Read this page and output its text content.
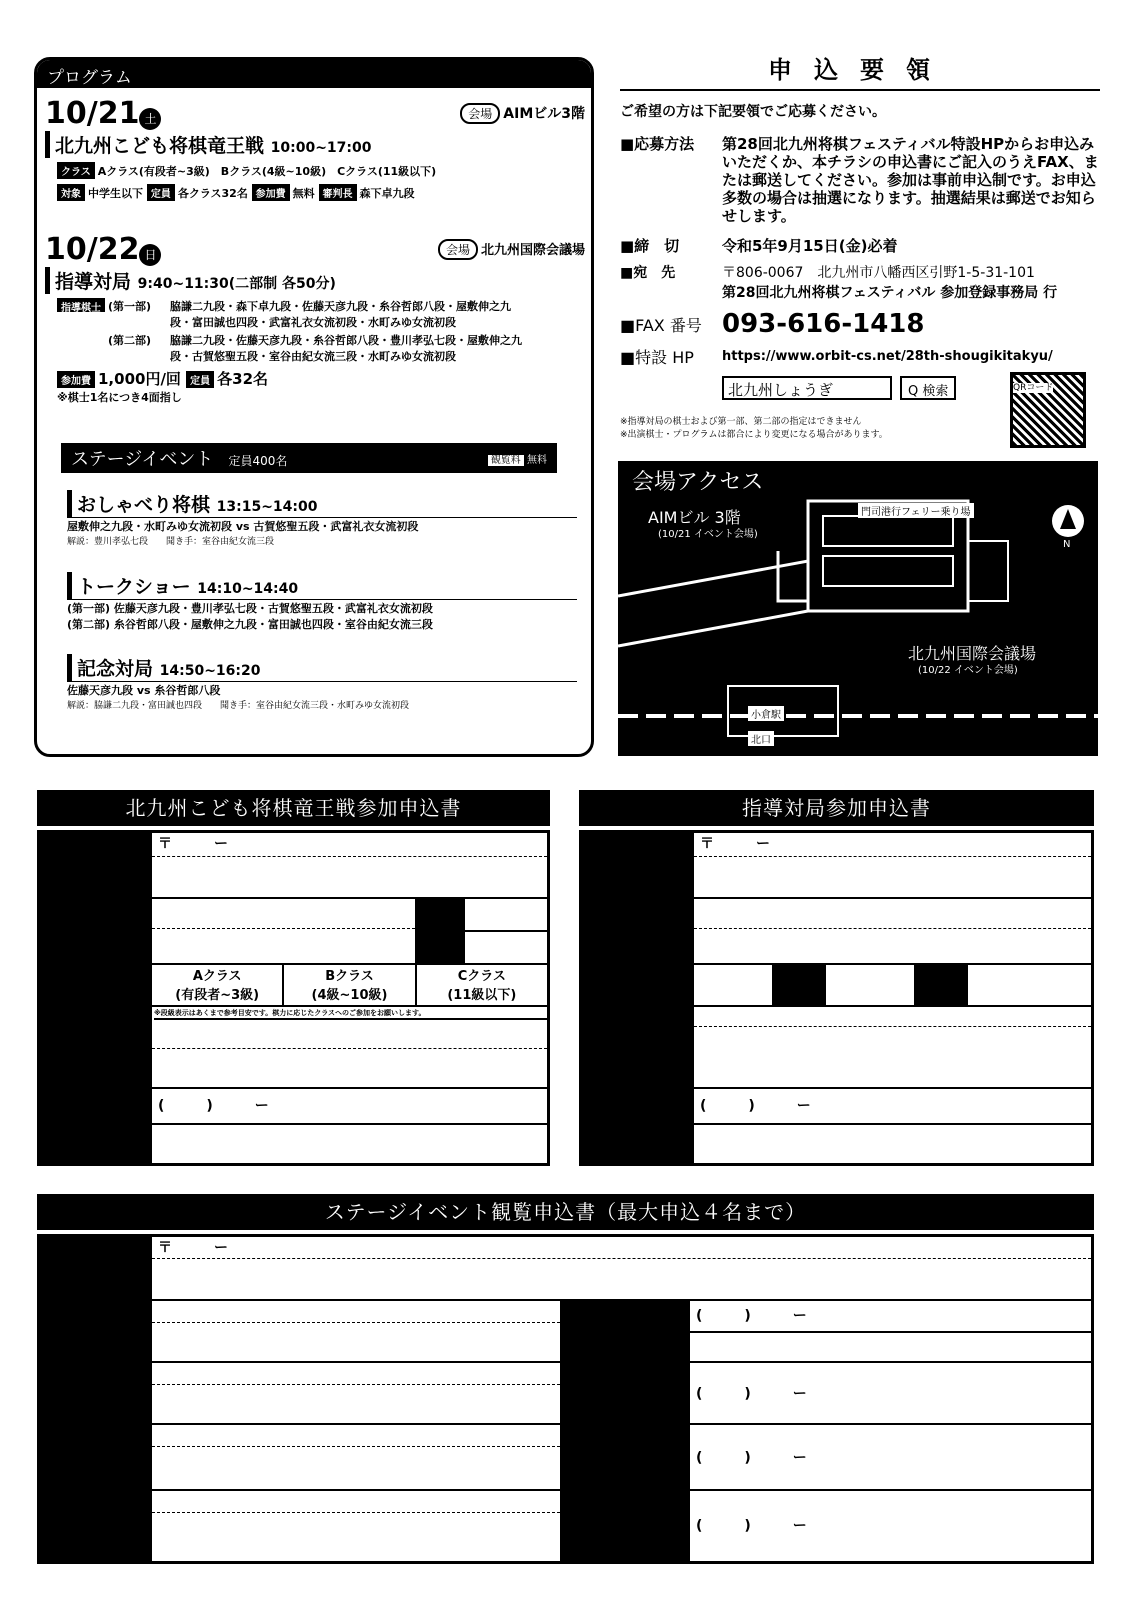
プログラム
10/21 土	会場 AIMビル3階
北九州こども将棋竜王戦 10:00~17:00
クラス Aクラス(有段者~3級)　Bクラス(4級~10級)　Cクラス(11級以下)
対象 中学生以下 定員 各クラス32名 参加費 無料 審判長 森下卓九段
10/22 日	会場 北九州国際会議場
指導対局 9:40~11:30(二部制 各50分)
指導棋士 (第一部)	脇謙二九段・森下卓九段・佐藤天彦九段・糸谷哲郎八段・屋敷伸之九段・富田誠也四段・武富礼衣女流初段・水町みゆ女流初段
(第二部)	脇謙二九段・佐藤天彦九段・糸谷哲郎八段・豊川孝弘七段・屋敷伸之九段・古賀悠聖五段・室谷由紀女流三段・水町みゆ女流初段
参加費 1,000円/回 定員 各32名
※棋士1名につき4面指し
ステージイベント 定員400名	観覧料 無料
おしゃべり将棋 13:15~14:00
屋敷伸之九段・水町みゆ女流初段 vs 古賀悠聖五段・武富礼衣女流初段
解説：豊川孝弘七段　　聞き手：室谷由紀女流三段
トークショー 14:10~14:40
(第一部) 佐藤天彦九段・豊川孝弘七段・古賀悠聖五段・武富礼衣女流初段
(第二部) 糸谷哲郎八段・屋敷伸之九段・富田誠也四段・室谷由紀女流三段
記念対局 14:50~16:20
佐藤天彦九段 vs 糸谷哲郎八段
解説：脇謙二九段・富田誠也四段　　聞き手：室谷由紀女流三段・水町みゆ女流初段
申込要領
ご希望の方は下記要領でご応募ください。
■応募方法	第28回北九州将棋フェスティバル特設HPからお申込みいただくか、本チラシの申込書にご記入のうえFAX、または郵送してください。参加は事前申込制です。お申込多数の場合は抽選になります。抽選結果は郵送でお知らせします。
■締　切	令和5年9月15日(金)必着
■宛　先	〒806-0067　北九州市八幡西区引野1-5-31-101
第28回北九州将棋フェスティバル 参加登録事務局 行
■FAX 番号 093-616-1418
■特設 HP	https://www.orbit-cs.net/28th-shougikitakyu/
北九州しょうぎ	Q 検索
※指導対局の棋士および第一部、第二部の指定はできません
※出演棋士・プログラムは都合により変更になる場合があります。
QRコード
会場アクセス
AIMビル 3階
(10/21 イベント会場)
門司港行フェリー乗り場
北九州国際会議場
(10/22 イベント会場)
小倉駅
北口
N
北九州こども将棋竜王戦参加申込書
〒　　　ー
Aクラス
(有段者~3級)
Bクラス
(4級~10級)
Cクラス
(11級以下)
※段級表示はあくまで参考目安です。棋力に応じたクラスへのご参加をお願いします。
(　　　)　　　ー
指導対局参加申込書
〒　　　ー
(　　　)　　　ー
ステージイベント観覧申込書（最大申込４名まで）
〒　　　ー
(　　　)　　　ー
(　　　)　　　ー
(　　　)　　　ー
(　　　)　　　ー
